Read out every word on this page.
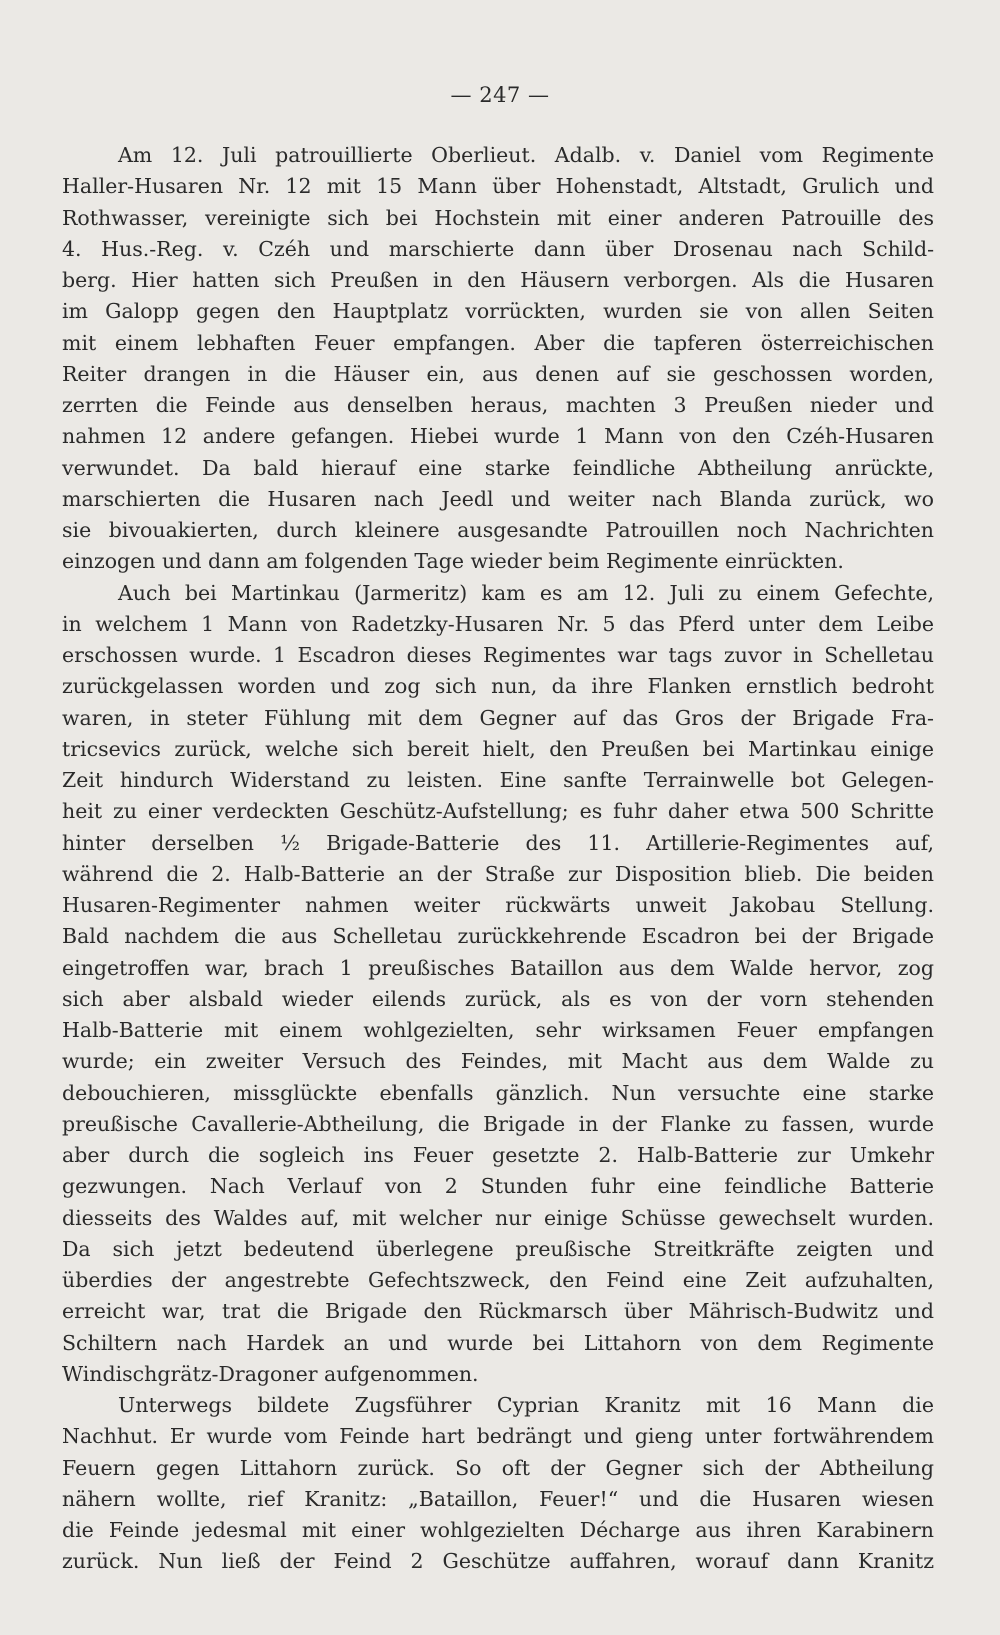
— 247 —
Am 12. Juli patrouillierte Oberlieut. Adalb. v. Daniel vom Regimente
Haller-Husaren Nr. 12 mit 15 Mann über Hohenstadt, Altstadt, Grulich und
Rothwasser, vereinigte sich bei Hochstein mit einer anderen Patrouille des
4. Hus.-Reg. v. Czéh und marschierte dann über Drosenau nach Schild-
berg. Hier hatten sich Preußen in den Häusern verborgen. Als die Husaren
im Galopp gegen den Hauptplatz vorrückten, wurden sie von allen Seiten
mit einem lebhaften Feuer empfangen. Aber die tapferen österreichischen
Reiter drangen in die Häuser ein, aus denen auf sie geschossen worden,
zerrten die Feinde aus denselben heraus, machten 3 Preußen nieder und
nahmen 12 andere gefangen. Hiebei wurde 1 Mann von den Czéh-Husaren
verwundet. Da bald hierauf eine starke feindliche Abtheilung anrückte,
marschierten die Husaren nach Jeedl und weiter nach Blanda zurück, wo
sie bivouakierten, durch kleinere ausgesandte Patrouillen noch Nachrichten
einzogen und dann am folgenden Tage wieder beim Regimente einrückten.
Auch bei Martinkau (Jarmeritz) kam es am 12. Juli zu einem Gefechte,
in welchem 1 Mann von Radetzky-Husaren Nr. 5 das Pferd unter dem Leibe
erschossen wurde. 1 Escadron dieses Regimentes war tags zuvor in Schelletau
zurückgelassen worden und zog sich nun, da ihre Flanken ernstlich bedroht
waren, in steter Fühlung mit dem Gegner auf das Gros der Brigade Fra-
tricsevics zurück, welche sich bereit hielt, den Preußen bei Martinkau einige
Zeit hindurch Widerstand zu leisten. Eine sanfte Terrainwelle bot Gelegen-
heit zu einer verdeckten Geschütz-Aufstellung; es fuhr daher etwa 500 Schritte
hinter derselben ½ Brigade-Batterie des 11. Artillerie-Regimentes auf,
während die 2. Halb-Batterie an der Straße zur Disposition blieb. Die beiden
Husaren-Regimenter nahmen weiter rückwärts unweit Jakobau Stellung.
Bald nachdem die aus Schelletau zurückkehrende Escadron bei der Brigade
eingetroffen war, brach 1 preußisches Bataillon aus dem Walde hervor, zog
sich aber alsbald wieder eilends zurück, als es von der vorn stehenden
Halb-Batterie mit einem wohlgezielten, sehr wirksamen Feuer empfangen
wurde; ein zweiter Versuch des Feindes, mit Macht aus dem Walde zu
debouchieren, missglückte ebenfalls gänzlich. Nun versuchte eine starke
preußische Cavallerie-Abtheilung, die Brigade in der Flanke zu fassen, wurde
aber durch die sogleich ins Feuer gesetzte 2. Halb-Batterie zur Umkehr
gezwungen. Nach Verlauf von 2 Stunden fuhr eine feindliche Batterie
diesseits des Waldes auf, mit welcher nur einige Schüsse gewechselt wurden.
Da sich jetzt bedeutend überlegene preußische Streitkräfte zeigten und
überdies der angestrebte Gefechtszweck, den Feind eine Zeit aufzuhalten,
erreicht war, trat die Brigade den Rückmarsch über Mährisch-Budwitz und
Schiltern nach Hardek an und wurde bei Littahorn von dem Regimente
Windischgrätz-Dragoner aufgenommen.
Unterwegs bildete Zugsführer Cyprian Kranitz mit 16 Mann die
Nachhut. Er wurde vom Feinde hart bedrängt und gieng unter fortwährendem
Feuern gegen Littahorn zurück. So oft der Gegner sich der Abtheilung
nähern wollte, rief Kranitz: „Bataillon, Feuer!“ und die Husaren wiesen
die Feinde jedesmal mit einer wohlgezielten Décharge aus ihren Karabinern
zurück. Nun ließ der Feind 2 Geschütze auffahren, worauf dann Kranitz
